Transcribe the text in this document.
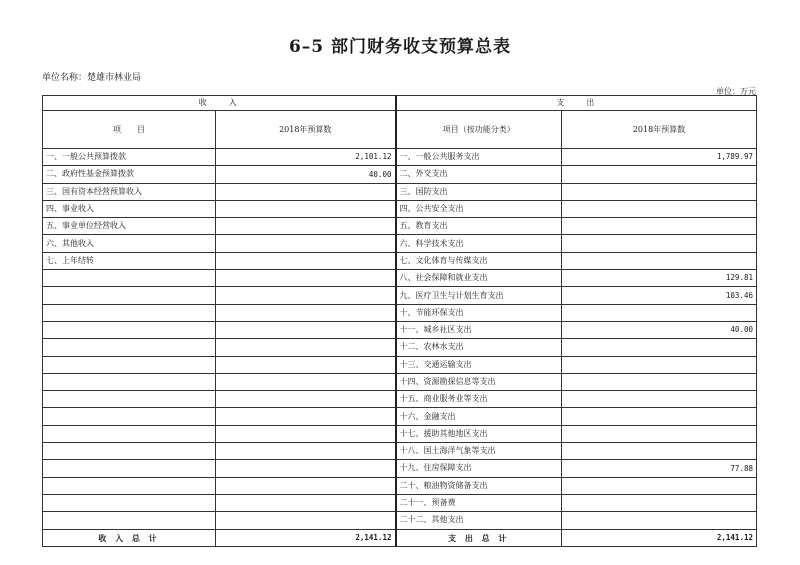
6–5 部门财务收支预算总表
单位名称：楚雄市林业局
单位：万元
收　　入		支　　出	
项　　目	2018年预算数	项目（按功能分类）	2018年预算数
一、一般公共预算拨款	2,101.12	一、一般公共服务支出	1,789.97
二、政府性基金预算拨款	40.00	二、外交支出	
三、国有资本经营预算收入		三、国防支出	
四、事业收入		四、公共安全支出	
五、事业单位经营收入		五、教育支出	
六、其他收入		六、科学技术支出	
七、上年结转		七、文化体育与传媒支出	
		八、社会保障和就业支出	129.81
		九、医疗卫生与计划生育支出	103.46
		十、节能环保支出	
		十一、城乡社区支出	40.00
		十二、农林水支出	
		十三、交通运输支出	
		十四、资源勘探信息等支出	
		十五、商业服务业等支出	
		十六、金融支出	
		十七、援助其他地区支出	
		十八、国土海洋气象等支出	
		十九、住房保障支出	77.88
		二十、粮油物资储备支出	
		二十一、预备费	
		二十二、其他支出	
收 入 总 计	2,141.12	支 出 总 计	2,141.12
